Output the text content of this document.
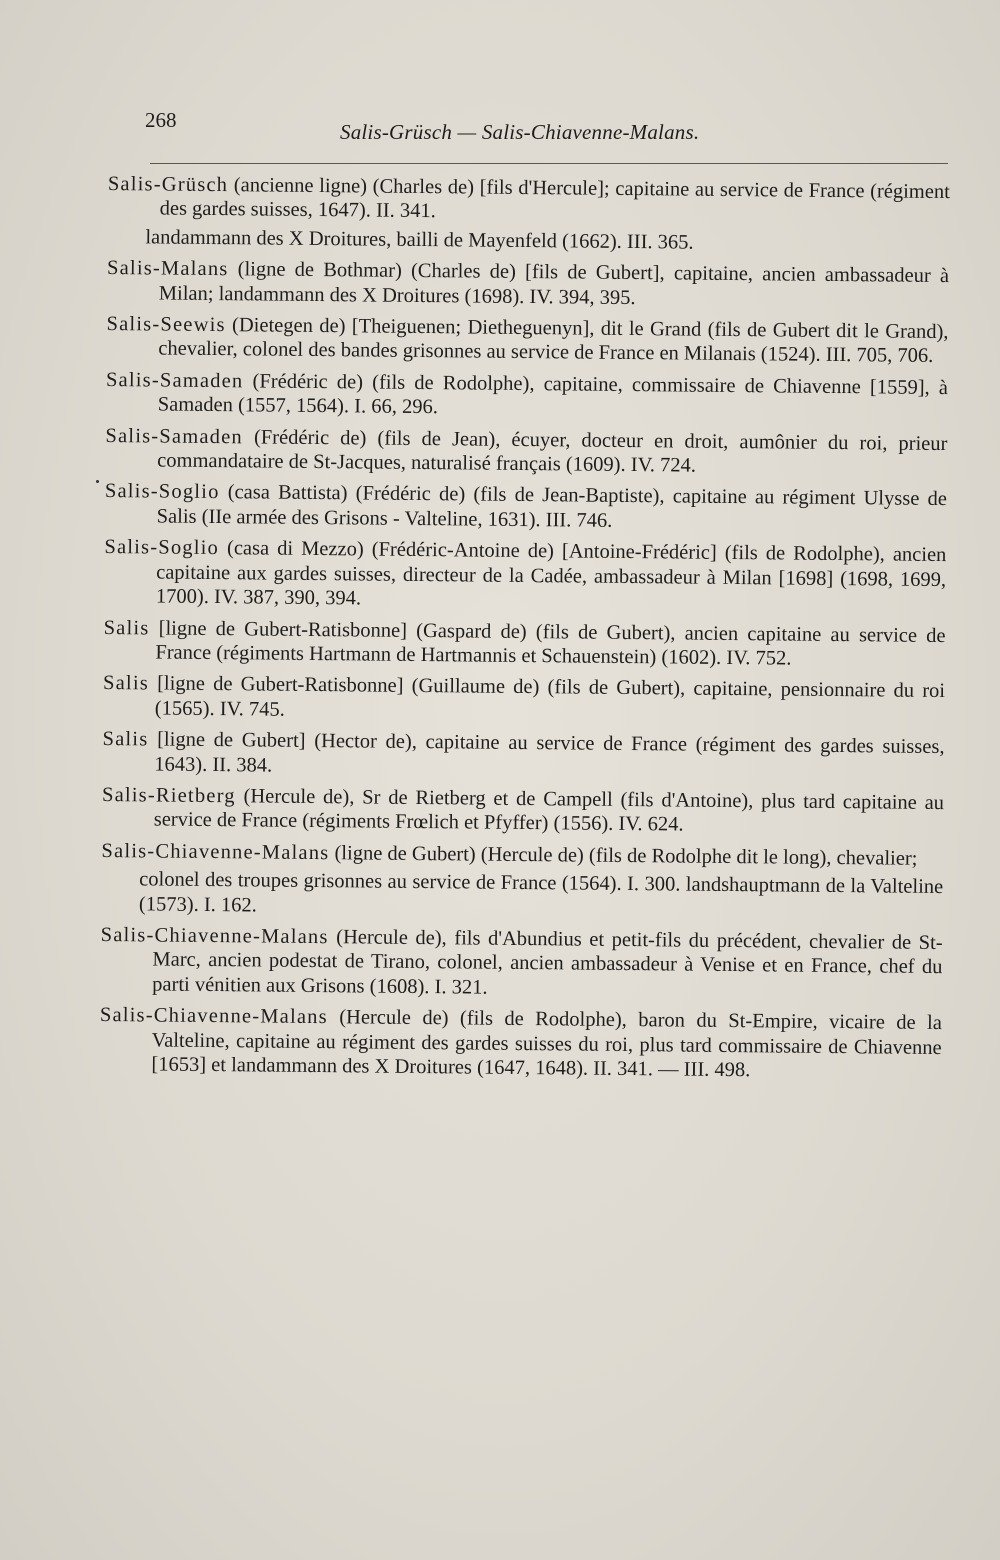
268	Salis-Grüsch — Salis-Chiavenne-Malans.

Salis-Grüsch (ancienne ligne) (Charles de) [fils d'Hercule]; capitaine au service de France (régiment des gardes suisses, 1647). II. 341.

landammann des X Droitures, bailli de Mayenfeld (1662). III. 365.

Salis-Malans (ligne de Bothmar) (Charles de) [fils de Gubert], capitaine, ancien ambassadeur à Milan; landammann des X Droitures (1698). IV. 394, 395.

Salis-Seewis (Dietegen de) [Theiguenen; Diethеguenyn], dit le Grand (fils de Gubert dit le Grand), chevalier, colonel des bandes grisonnes au service de France en Milanais (1524). III. 705, 706.

Salis-Samaden (Frédéric de) (fils de Rodolphe), capitaine, commissaire de Chiavenne [1559], à Samaden (1557, 1564). I. 66, 296.

Salis-Samaden (Frédéric de) (fils de Jean), écuyer, docteur en droit, aumônier du roi, prieur commandataire de St-Jacques, naturalisé français (1609). IV. 724.

Salis-Soglio (casa Battista) (Frédéric de) (fils de Jean-Baptiste), capitaine au régiment Ulysse de Salis (IIe armée des Grisons - Valteline, 1631). III. 746.

Salis-Soglio (casa di Mezzo) (Frédéric-Antoine de) [Antoine-Frédéric] (fils de Rodolphe), ancien capitaine aux gardes suisses, directeur de la Cadée, ambassadeur à Milan [1698] (1698, 1699, 1700). IV. 387, 390, 394.

Salis [ligne de Gubert-Ratisbonne] (Gaspard de) (fils de Gubert), ancien capitaine au service de France (régiments Hartmann de Hartmannis et Schauenstein) (1602). IV. 752.

Salis [ligne de Gubert-Ratisbonne] (Guillaume de) (fils de Gubert), capitaine, pensionnaire du roi (1565). IV. 745.

Salis [ligne de Gubert] (Hector de), capitaine au service de France (régiment des gardes suisses, 1643). II. 384.

Salis-Rietberg (Hercule de), Sr de Rietberg et de Campell (fils d'Antoine), plus tard capitaine au service de France (régiments Frœlich et Pfyffer) (1556). IV. 624.

Salis-Chiavenne-Malans (ligne de Gubert) (Hercule de) (fils de Rodolphe dit le long), chevalier;

colonel des troupes grisonnes au service de France (1564). I. 300. landshauptmann de la Valteline (1573). I. 162.

Salis-Chiavenne-Malans (Hercule de), fils d'Abundius et petit-fils du précédent, chevalier de St-Marc, ancien podestat de Tirano, colonel, ancien ambassadeur à Venise et en France, chef du parti vénitien aux Grisons (1608). I. 321.

Salis-Chiavenne-Malans (Hercule de) (fils de Rodolphe), baron du St-Empire, vicaire de la Valteline, capitaine au régiment des gardes suisses du roi, plus tard commissaire de Chiavenne [1653] et landammann des X Droitures (1647, 1648). II. 341. — III. 498.
